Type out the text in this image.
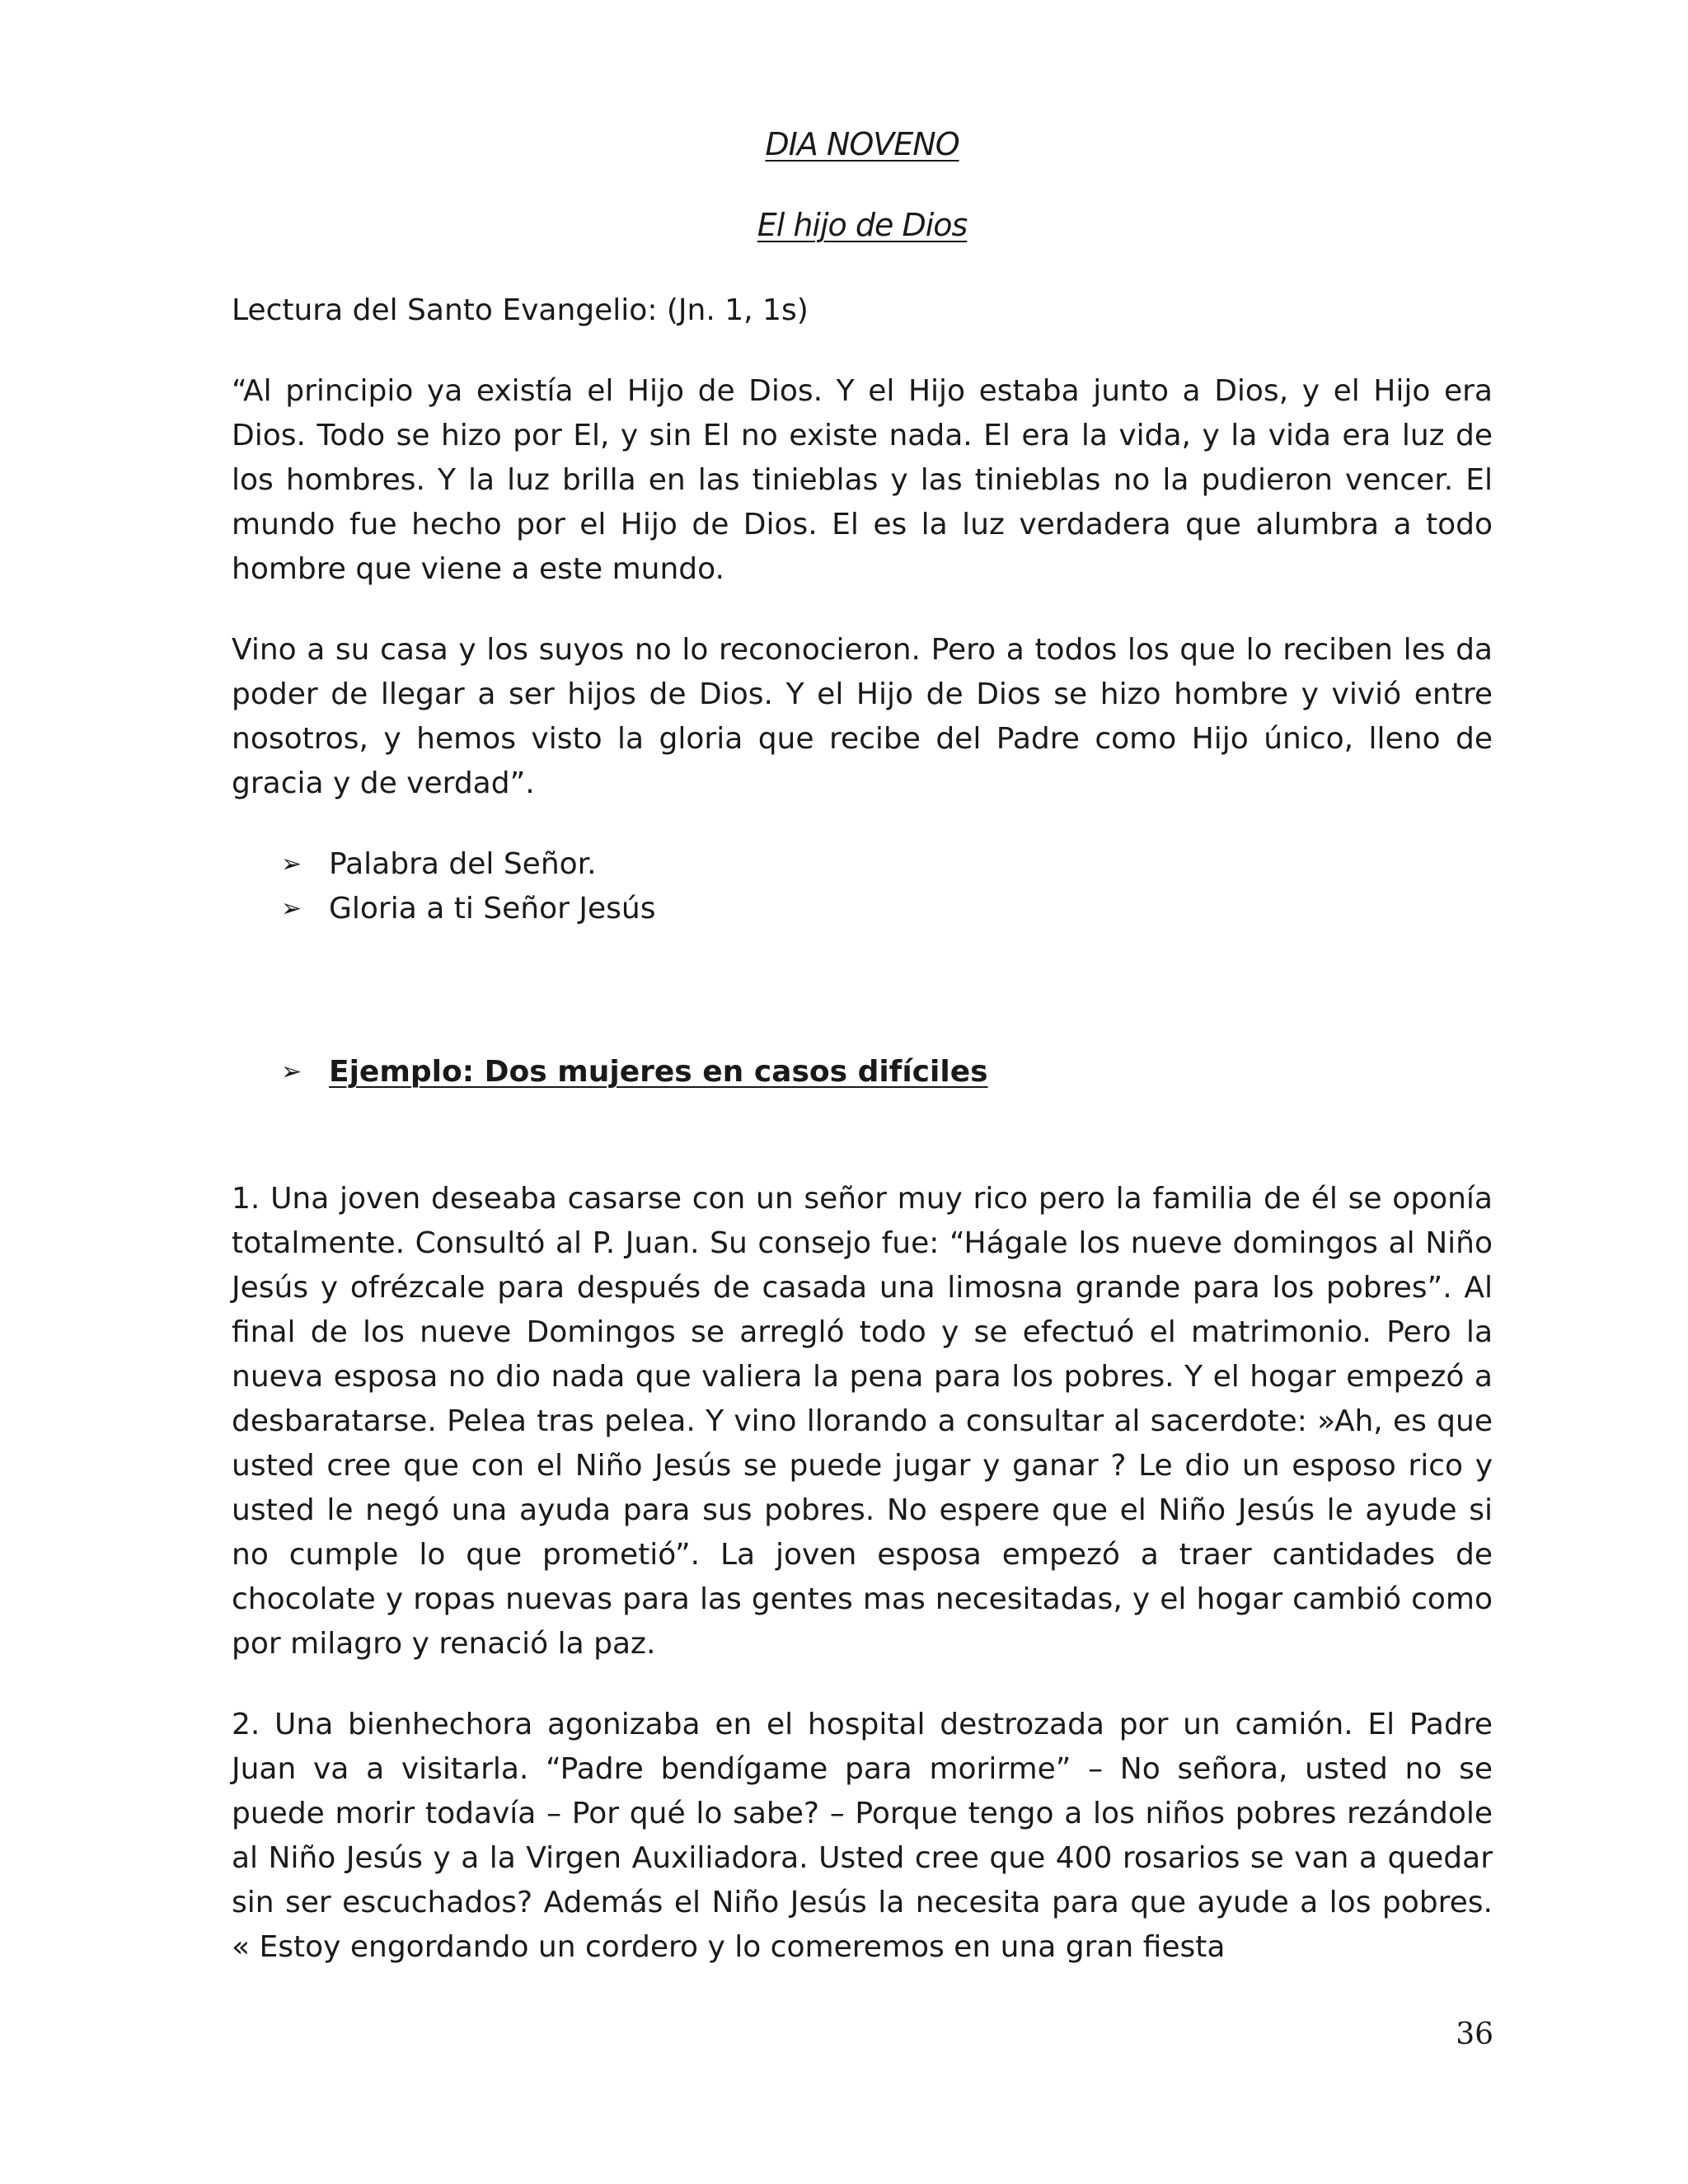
DIA NOVENO
El hijo de Dios

Lectura del Santo Evangelio: (Jn. 1, 1s)

“Al principio ya existía el Hijo de Dios. Y el Hijo estaba junto a Dios, y el Hijo era Dios. Todo se hizo por El, y sin El no existe nada. El era la vida, y la vida era luz de los hombres. Y la luz brilla en las tinieblas y las tinieblas no la pudieron vencer. El mundo fue hecho por el Hijo de Dios. El es la luz verdadera que alumbra a todo hombre que viene a este mundo.

Vino a su casa y los suyos no lo reconocieron. Pero a todos los que lo reciben les da poder de llegar a ser hijos de Dios. Y el Hijo de Dios se hizo hombre y vivió entre nosotros, y hemos visto la gloria que recibe del Padre como Hijo único, lleno de gracia y de verdad”.

➢ Palabra del Señor.
➢ Gloria a ti Señor Jesús
➢ Ejemplo: Dos mujeres en casos difíciles

1. Una joven deseaba casarse con un señor muy rico pero la familia de él se oponía totalmente. Consultó al P. Juan. Su consejo fue: “Hágale los nueve domingos al Niño Jesús y ofrézcale para después de casada una limosna grande para los pobres”. Al final de los nueve Domingos se arregló todo y se efectuó el matrimonio. Pero la nueva esposa no dio nada que valiera la pena para los pobres. Y el hogar empezó a desbaratarse. Pelea tras pelea. Y vino llorando a consultar al sacerdote: »Ah, es que usted cree que con el Niño Jesús se puede jugar y ganar ? Le dio un esposo rico y usted le negó una ayuda para sus pobres. No espere que el Niño Jesús le ayude si no cumple lo que prometió”. La joven esposa empezó a traer cantidades de chocolate y ropas nuevas para las gentes mas necesitadas, y el hogar cambió como por milagro y renació la paz.

2. Una bienhechora agonizaba en el hospital destrozada por un camión. El Padre Juan va a visitarla. “Padre bendígame para morirme” – No señora, usted no se puede morir todavía – Por qué lo sabe? – Porque tengo a los niños pobres rezándole al Niño Jesús y a la Virgen Auxiliadora. Usted cree que 400 rosarios se van a quedar sin ser escuchados? Además el Niño Jesús la necesita para que ayude a los pobres. « Estoy engordando un cordero y lo comeremos en una gran fiesta

36
